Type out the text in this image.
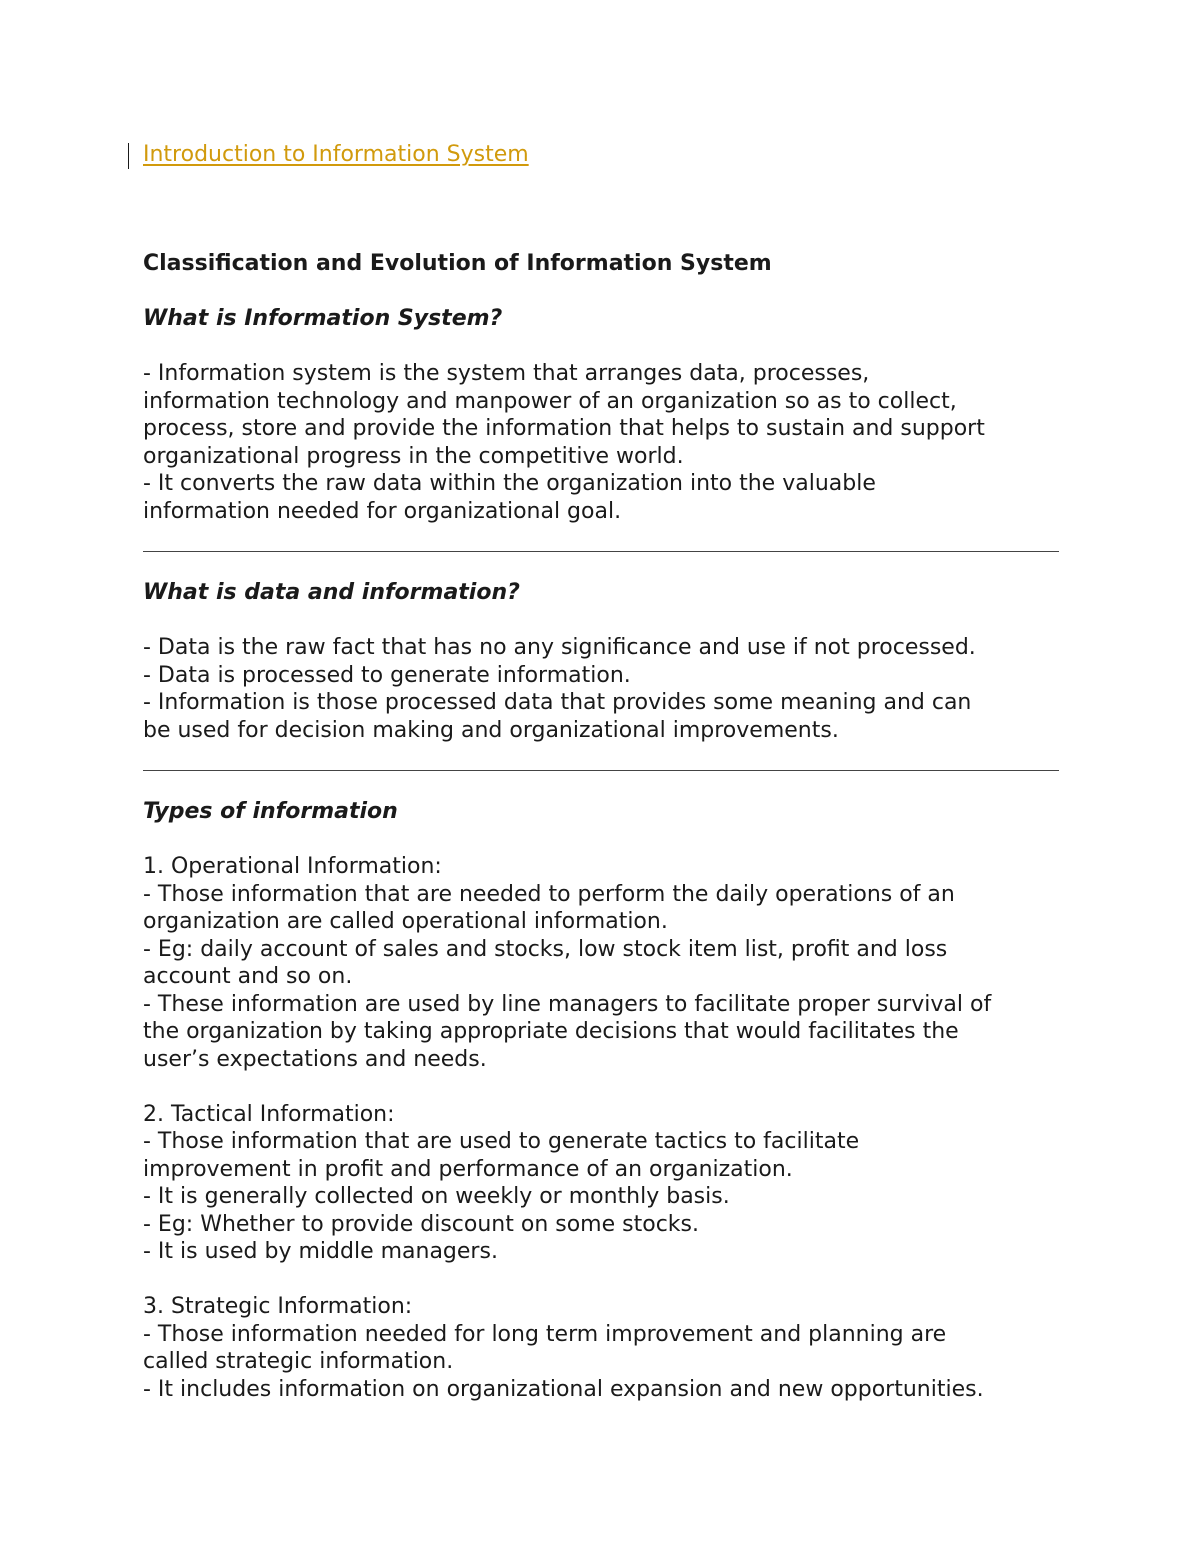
Introduction to Information System

Classification and Evolution of Information System

What is Information System?

- Information system is the system that arranges data, processes,

information technology and manpower of an organization so as to collect,

process, store and provide the information that helps to sustain and support

organizational progress in the competitive world.

- It converts the raw data within the organization into the valuable

information needed for organizational goal.

What is data and information?

- Data is the raw fact that has no any significance and use if not processed.

- Data is processed to generate information.

- Information is those processed data that provides some meaning and can

be used for decision making and organizational improvements.

Types of information

1. Operational Information:

- Those information that are needed to perform the daily operations of an

organization are called operational information.

- Eg: daily account of sales and stocks, low stock item list, profit and loss

account and so on.

- These information are used by line managers to facilitate proper survival of

the organization by taking appropriate decisions that would facilitates the

user’s expectations and needs.

2. Tactical Information:

- Those information that are used to generate tactics to facilitate

improvement in profit and performance of an organization.

- It is generally collected on weekly or monthly basis.

- Eg: Whether to provide discount on some stocks.

- It is used by middle managers.

3. Strategic Information:

- Those information needed for long term improvement and planning are

called strategic information.

- It includes information on organizational expansion and new opportunities.
